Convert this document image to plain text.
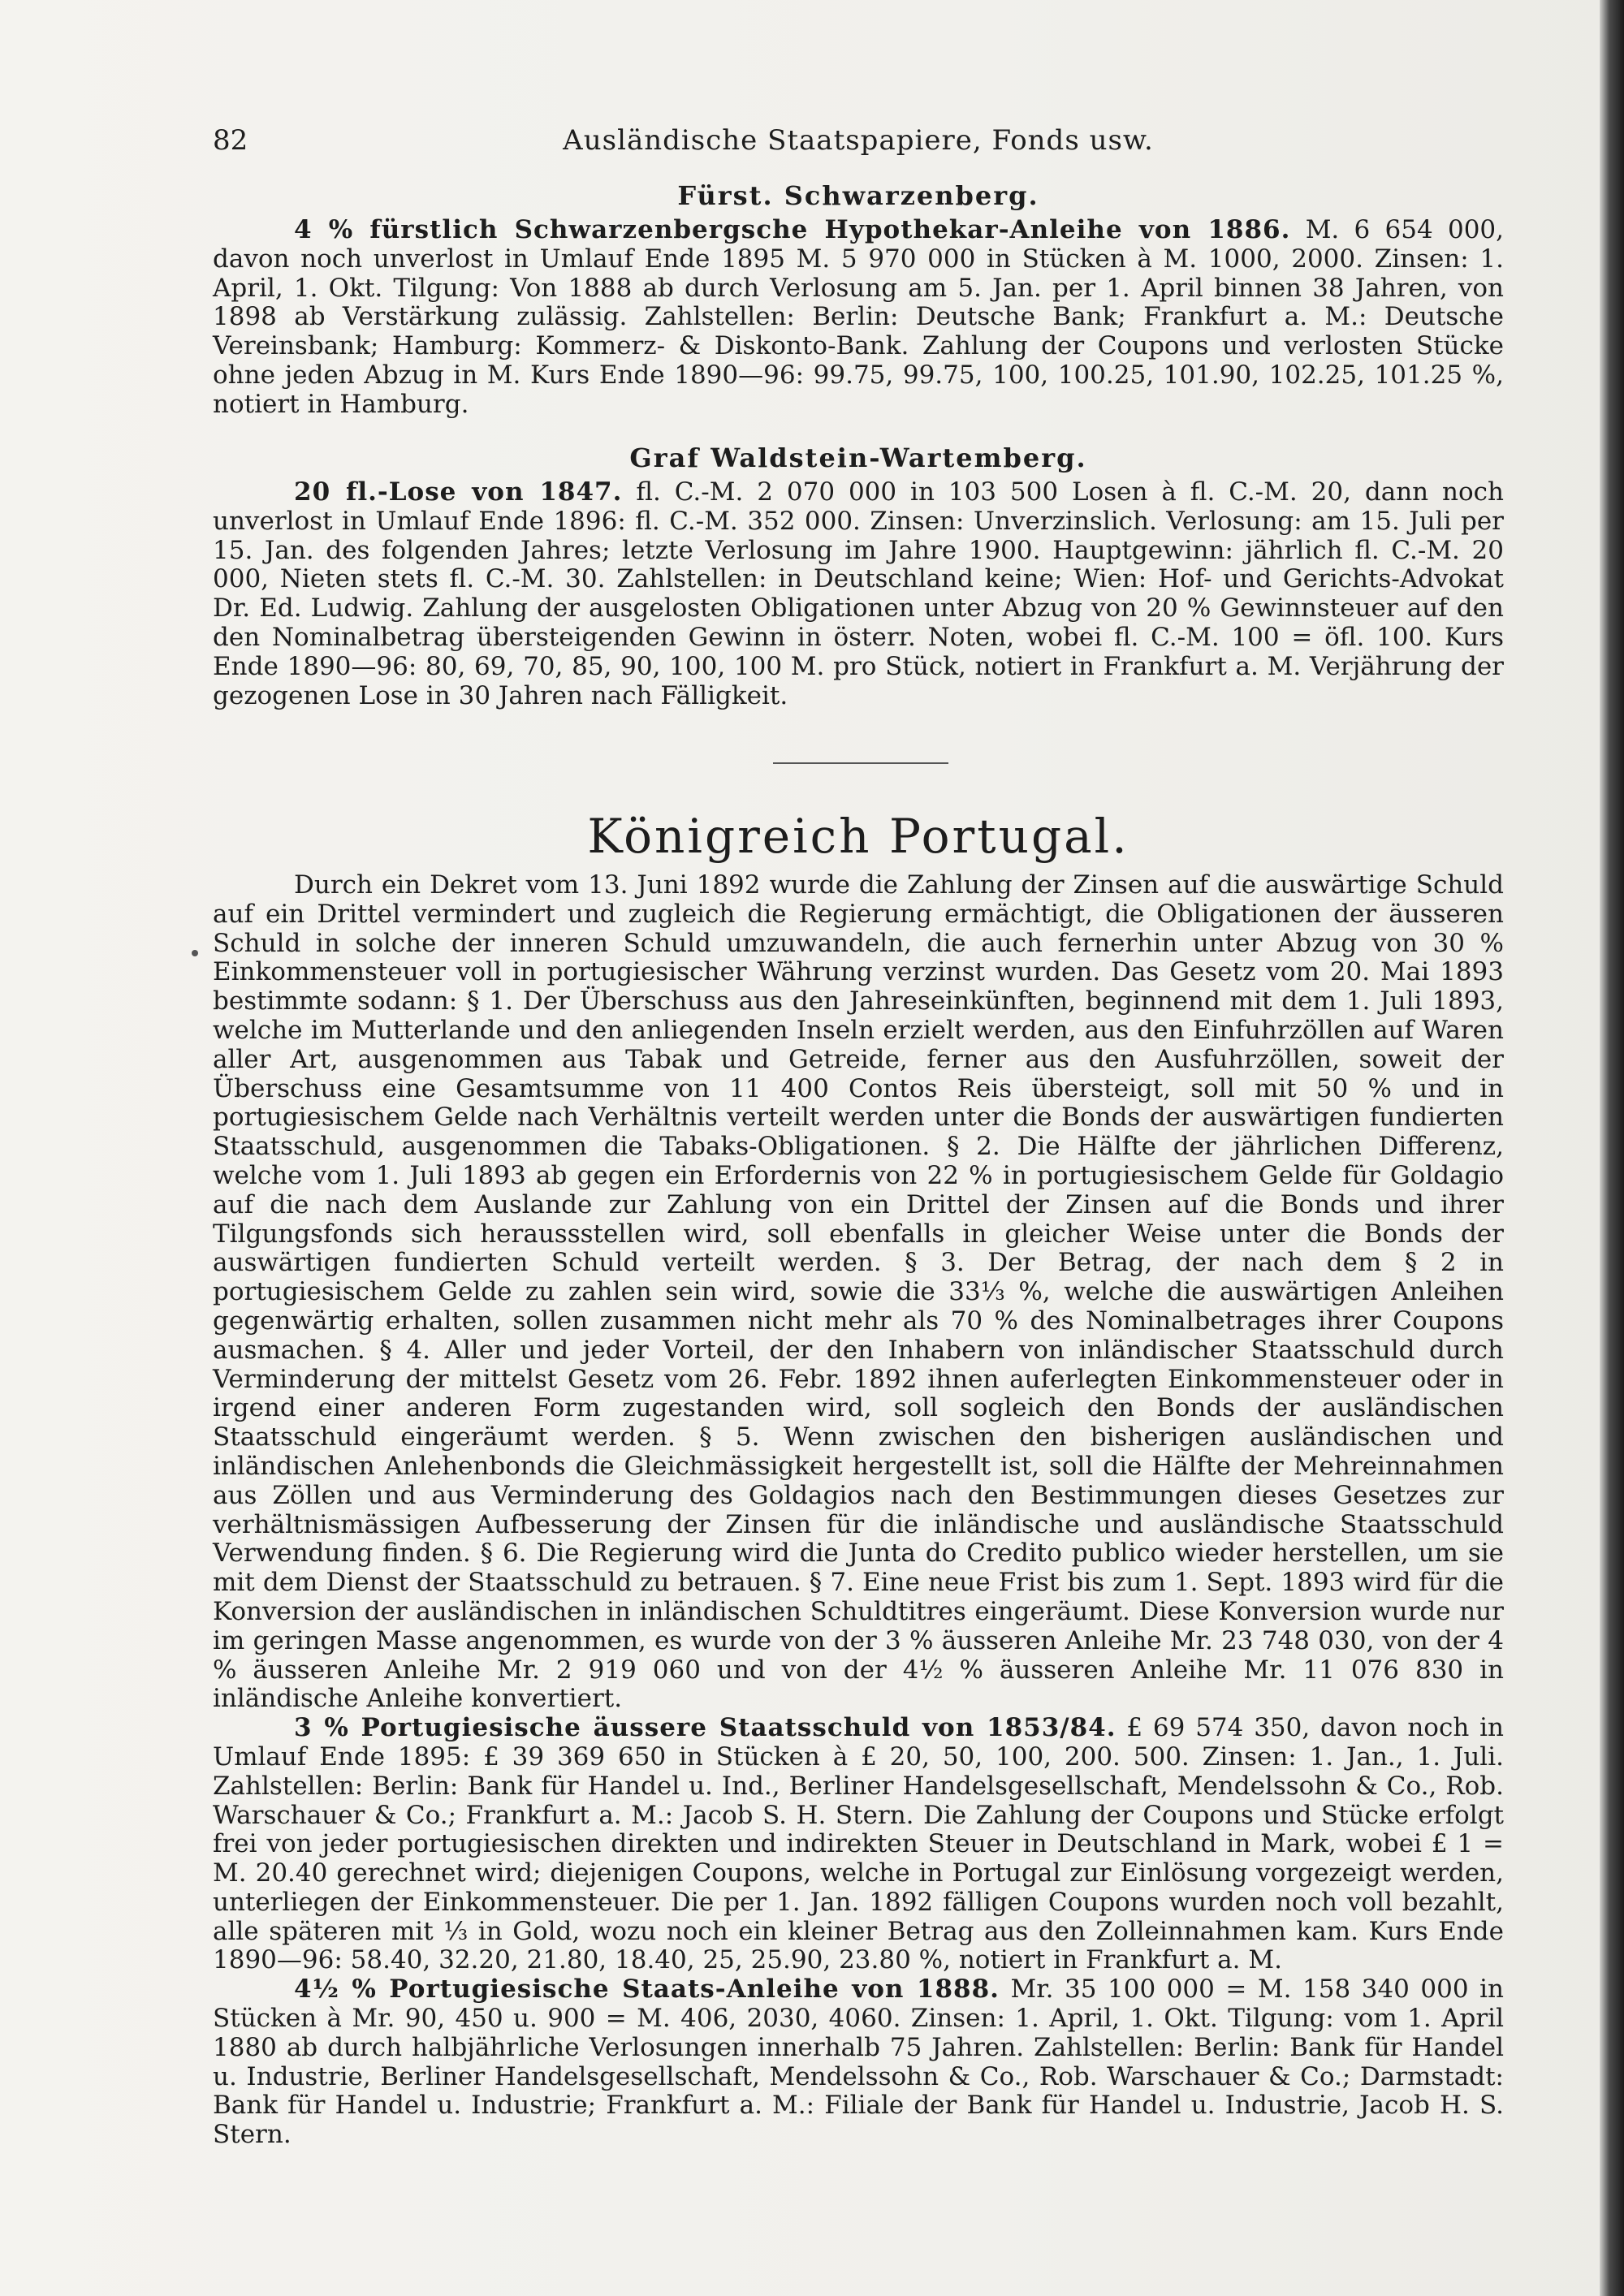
82	Ausländische Staatspapiere, Fonds usw.
Fürst. Schwarzenberg.

4 % fürstlich Schwarzenbergsche Hypothekar-Anleihe von 1886. M. 6 654 000, davon noch unverlost in Umlauf Ende 1895 M. 5 970 000 in Stücken à M. 1000, 2000. Zinsen: 1. April, 1. Okt. Tilgung: Von 1888 ab durch Verlosung am 5. Jan. per 1. April binnen 38 Jahren, von 1898 ab Verstärkung zulässig. Zahlstellen: Berlin: Deutsche Bank; Frankfurt a. M.: Deutsche Vereinsbank; Hamburg: Kommerz- & Diskonto-Bank. Zahlung der Coupons und verlosten Stücke ohne jeden Abzug in M. Kurs Ende 1890—96: 99.75, 99.75, 100, 100.25, 101.90, 102.25, 101.25 %, notiert in Hamburg.

Graf Waldstein-Wartemberg.

20 fl.-Lose von 1847. fl. C.-M. 2 070 000 in 103 500 Losen à fl. C.-M. 20, dann noch unverlost in Umlauf Ende 1896: fl. C.-M. 352 000. Zinsen: Unverzinslich. Verlosung: am 15. Juli per 15. Jan. des folgenden Jahres; letzte Verlosung im Jahre 1900. Hauptgewinn: jährlich fl. C.-M. 20 000, Nieten stets fl. C.-M. 30. Zahlstellen: in Deutschland keine; Wien: Hof- und Gerichts-Advokat Dr. Ed. Ludwig. Zahlung der ausgelosten Obligationen unter Abzug von 20 % Gewinnsteuer auf den den Nominalbetrag übersteigenden Gewinn in österr. Noten, wobei fl. C.-M. 100 = öfl. 100. Kurs Ende 1890—96: 80, 69, 70, 85, 90, 100, 100 M. pro Stück, notiert in Frankfurt a. M. Verjährung der gezogenen Lose in 30 Jahren nach Fälligkeit.

Königreich Portugal.

Durch ein Dekret vom 13. Juni 1892 wurde die Zahlung der Zinsen auf die auswärtige Schuld auf ein Drittel vermindert und zugleich die Regierung ermächtigt, die Obligationen der äusseren Schuld in solche der inneren Schuld umzuwandeln, die auch fernerhin unter Abzug von 30 % Einkommensteuer voll in portugiesischer Währung verzinst wurden. Das Gesetz vom 20. Mai 1893 bestimmte sodann: § 1. Der Überschuss aus den Jahreseinkünften, beginnend mit dem 1. Juli 1893, welche im Mutterlande und den anliegenden Inseln erzielt werden, aus den Einfuhrzöllen auf Waren aller Art, ausgenommen aus Tabak und Getreide, ferner aus den Ausfuhrzöllen, soweit der Überschuss eine Gesamtsumme von 11 400 Contos Reis übersteigt, soll mit 50 % und in portugiesischem Gelde nach Verhältnis verteilt werden unter die Bonds der auswärtigen fundierten Staatsschuld, ausgenommen die Tabaks-Obligationen. § 2. Die Hälfte der jährlichen Differenz, welche vom 1. Juli 1893 ab gegen ein Erfordernis von 22 % in portugiesischem Gelde für Goldagio auf die nach dem Auslande zur Zahlung von ein Drittel der Zinsen auf die Bonds und ihrer Tilgungsfonds sich heraussstellen wird, soll ebenfalls in gleicher Weise unter die Bonds der auswärtigen fundierten Schuld verteilt werden. § 3. Der Betrag, der nach dem § 2 in portugiesischem Gelde zu zahlen sein wird, sowie die 33⅓ %, welche die auswärtigen Anleihen gegenwärtig erhalten, sollen zusammen nicht mehr als 70 % des Nominalbetrages ihrer Coupons ausmachen. § 4. Aller und jeder Vorteil, der den Inhabern von inländischer Staatsschuld durch Verminderung der mittelst Gesetz vom 26. Febr. 1892 ihnen auferlegten Einkommensteuer oder in irgend einer anderen Form zugestanden wird, soll sogleich den Bonds der ausländischen Staatsschuld eingeräumt werden. § 5. Wenn zwischen den bisherigen ausländischen und inländischen Anlehenbonds die Gleichmässigkeit hergestellt ist, soll die Hälfte der Mehreinnahmen aus Zöllen und aus Verminderung des Goldagios nach den Bestimmungen dieses Gesetzes zur verhältnismässigen Aufbesserung der Zinsen für die inländische und ausländische Staatsschuld Verwendung finden. § 6. Die Regierung wird die Junta do Credito publico wieder herstellen, um sie mit dem Dienst der Staatsschuld zu betrauen. § 7. Eine neue Frist bis zum 1. Sept. 1893 wird für die Konversion der ausländischen in inländischen Schuldtitres eingeräumt. Diese Konversion wurde nur im geringen Masse angenommen, es wurde von der 3 % äusseren Anleihe Mr. 23 748 030, von der 4 % äusseren Anleihe Mr. 2 919 060 und von der 4½ % äusseren Anleihe Mr. 11 076 830 in inländische Anleihe konvertiert.

3 % Portugiesische äussere Staatsschuld von 1853/84. £ 69 574 350, davon noch in Umlauf Ende 1895: £ 39 369 650 in Stücken à £ 20, 50, 100, 200. 500. Zinsen: 1. Jan., 1. Juli. Zahlstellen: Berlin: Bank für Handel u. Ind., Berliner Handelsgesellschaft, Mendelssohn & Co., Rob. Warschauer & Co.; Frankfurt a. M.: Jacob S. H. Stern. Die Zahlung der Coupons und Stücke erfolgt frei von jeder portugiesischen direkten und indirekten Steuer in Deutschland in Mark, wobei £ 1 = M. 20.40 gerechnet wird; diejenigen Coupons, welche in Portugal zur Einlösung vorgezeigt werden, unterliegen der Einkommensteuer. Die per 1. Jan. 1892 fälligen Coupons wurden noch voll bezahlt, alle späteren mit ⅓ in Gold, wozu noch ein kleiner Betrag aus den Zolleinnahmen kam. Kurs Ende 1890—96: 58.40, 32.20, 21.80, 18.40, 25, 25.90, 23.80 %, notiert in Frankfurt a. M.

4½ % Portugiesische Staats-Anleihe von 1888. Mr. 35 100 000 = M. 158 340 000 in Stücken à Mr. 90, 450 u. 900 = M. 406, 2030, 4060. Zinsen: 1. April, 1. Okt. Tilgung: vom 1. April 1880 ab durch halbjährliche Verlosungen innerhalb 75 Jahren. Zahlstellen: Berlin: Bank für Handel u. Industrie, Berliner Handelsgesellschaft, Mendelssohn & Co., Rob. Warschauer & Co.; Darmstadt: Bank für Handel u. Industrie; Frankfurt a. M.: Filiale der Bank für Handel u. Industrie, Jacob H. S. Stern.
